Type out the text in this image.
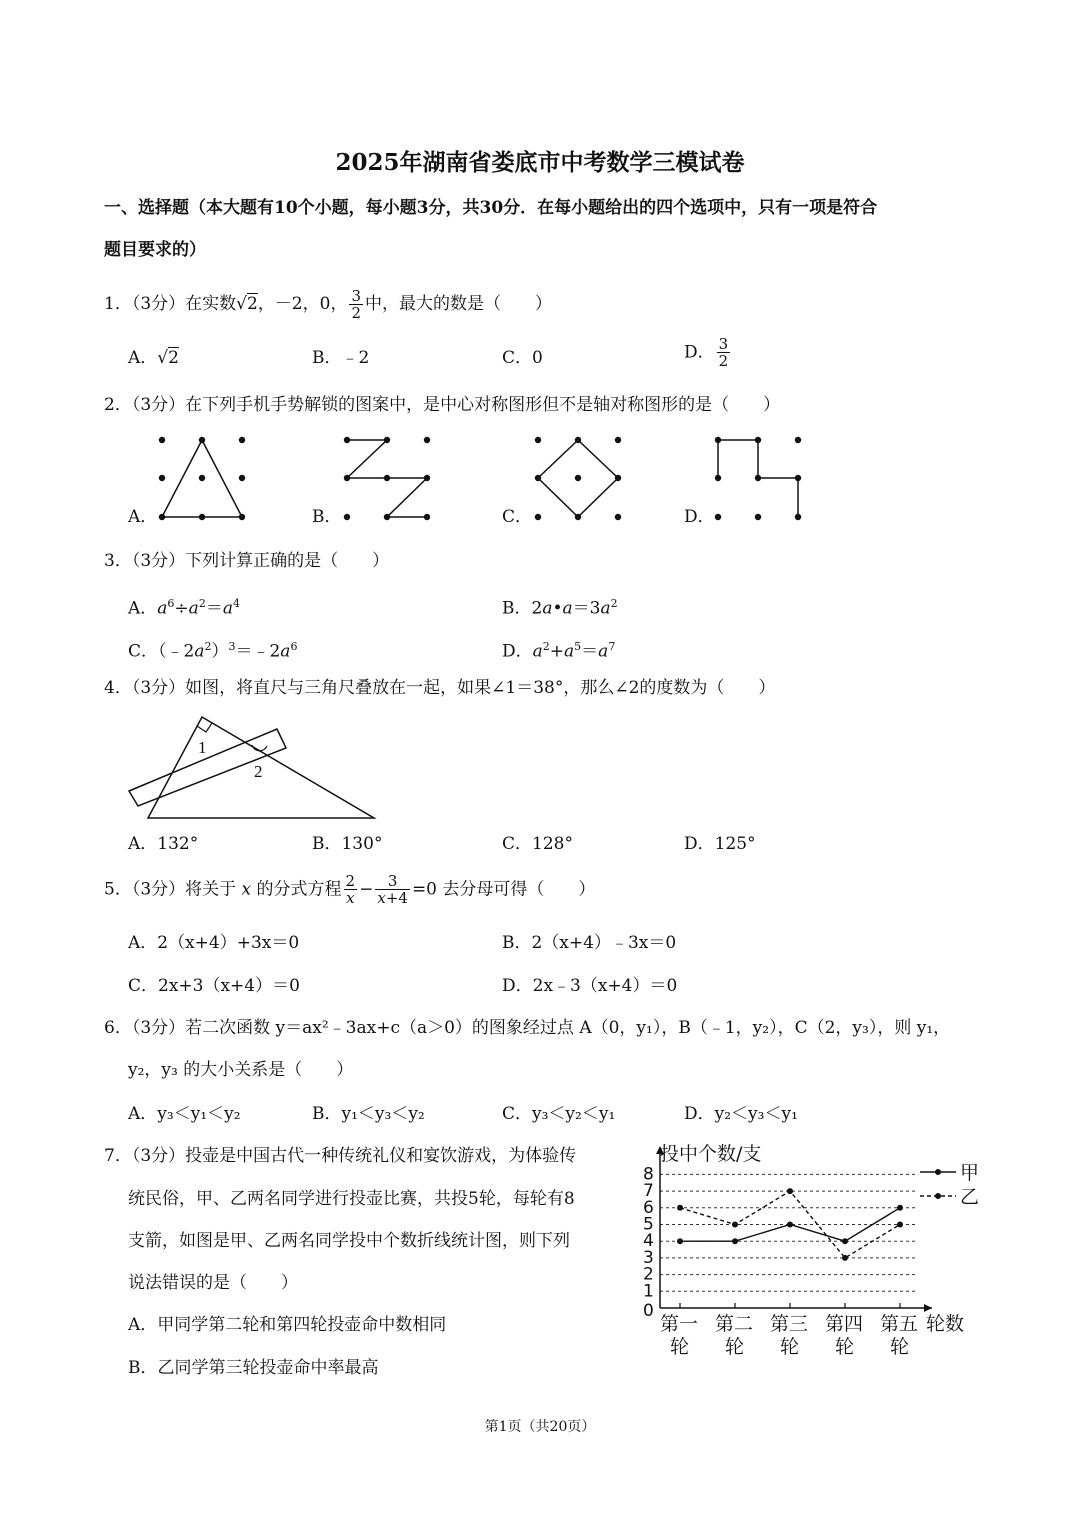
2025年湖南省娄底市中考数学三模试卷
一、选择题（本大题有10个小题，每小题3分，共30分．在每小题给出的四个选项中，只有一项是符合
题目要求的）
1．（3分）在实数√2，－2，0， $\frac{3}{2}$ 中，最大的数是（　　）
A．√2	B．﹣2	C．0	D． $\frac{3}{2}$
2．（3分）在下列手机手势解锁的图案中，是中心对称图形但不是轴对称图形的是（　　）
A．	B．	C．	D．
3．（3分）下列计算正确的是（　　）
A．$a^6\div a^2=a^4$	B．$2a•a=3a^2$
C．$(﹣2a^2)^3=﹣2a^6$	D．$a^2+a^5=a^7$
4．（3分）如图，将直尺与三角尺叠放在一起，如果∠1＝38°，那么∠2的度数为（　　）
1
2
A．132°	B．130°	C．128°	D．125°
5．（3分）将关于 x 的分式方程 $\frac{2}{x} - \frac{3}{x+4} =0$ 去分母可得（　　）
A．2（x+4）+3x＝0	B．2（x+4）﹣3x＝0
C．2x+3（x+4）＝0	D．2x﹣3（x+4）＝0
6．（3分）若二次函数 y＝ax²﹣3ax+c（a＞0）的图象经过点 A（0，y₁），B（﹣1，y₂），C（2，y₃），则 y₁，
y₂，y₃ 的大小关系是（　　）
A．y₃＜y₁＜y₂	B．y₁＜y₃＜y₂	C．y₃＜y₂＜y₁	D．y₂＜y₃＜y₁
7．（3分）投壶是中国古代一种传统礼仪和宴饮游戏，为体验传
统民俗，甲、乙两名同学进行投壶比赛，共投5轮，每轮有8
支箭，如图是甲、乙两名同学投中个数折线统计图，则下列
说法错误的是（　　）
A．甲同学第二轮和第四轮投壶命中数相同
B．乙同学第三轮投壶命中率最高
0
1
2
3
4
5
6
7
8
投中个数/支
轮数
第一
轮
第二
轮
第三
轮
第四
轮
第五
轮
甲
乙
第1页（共20页）
